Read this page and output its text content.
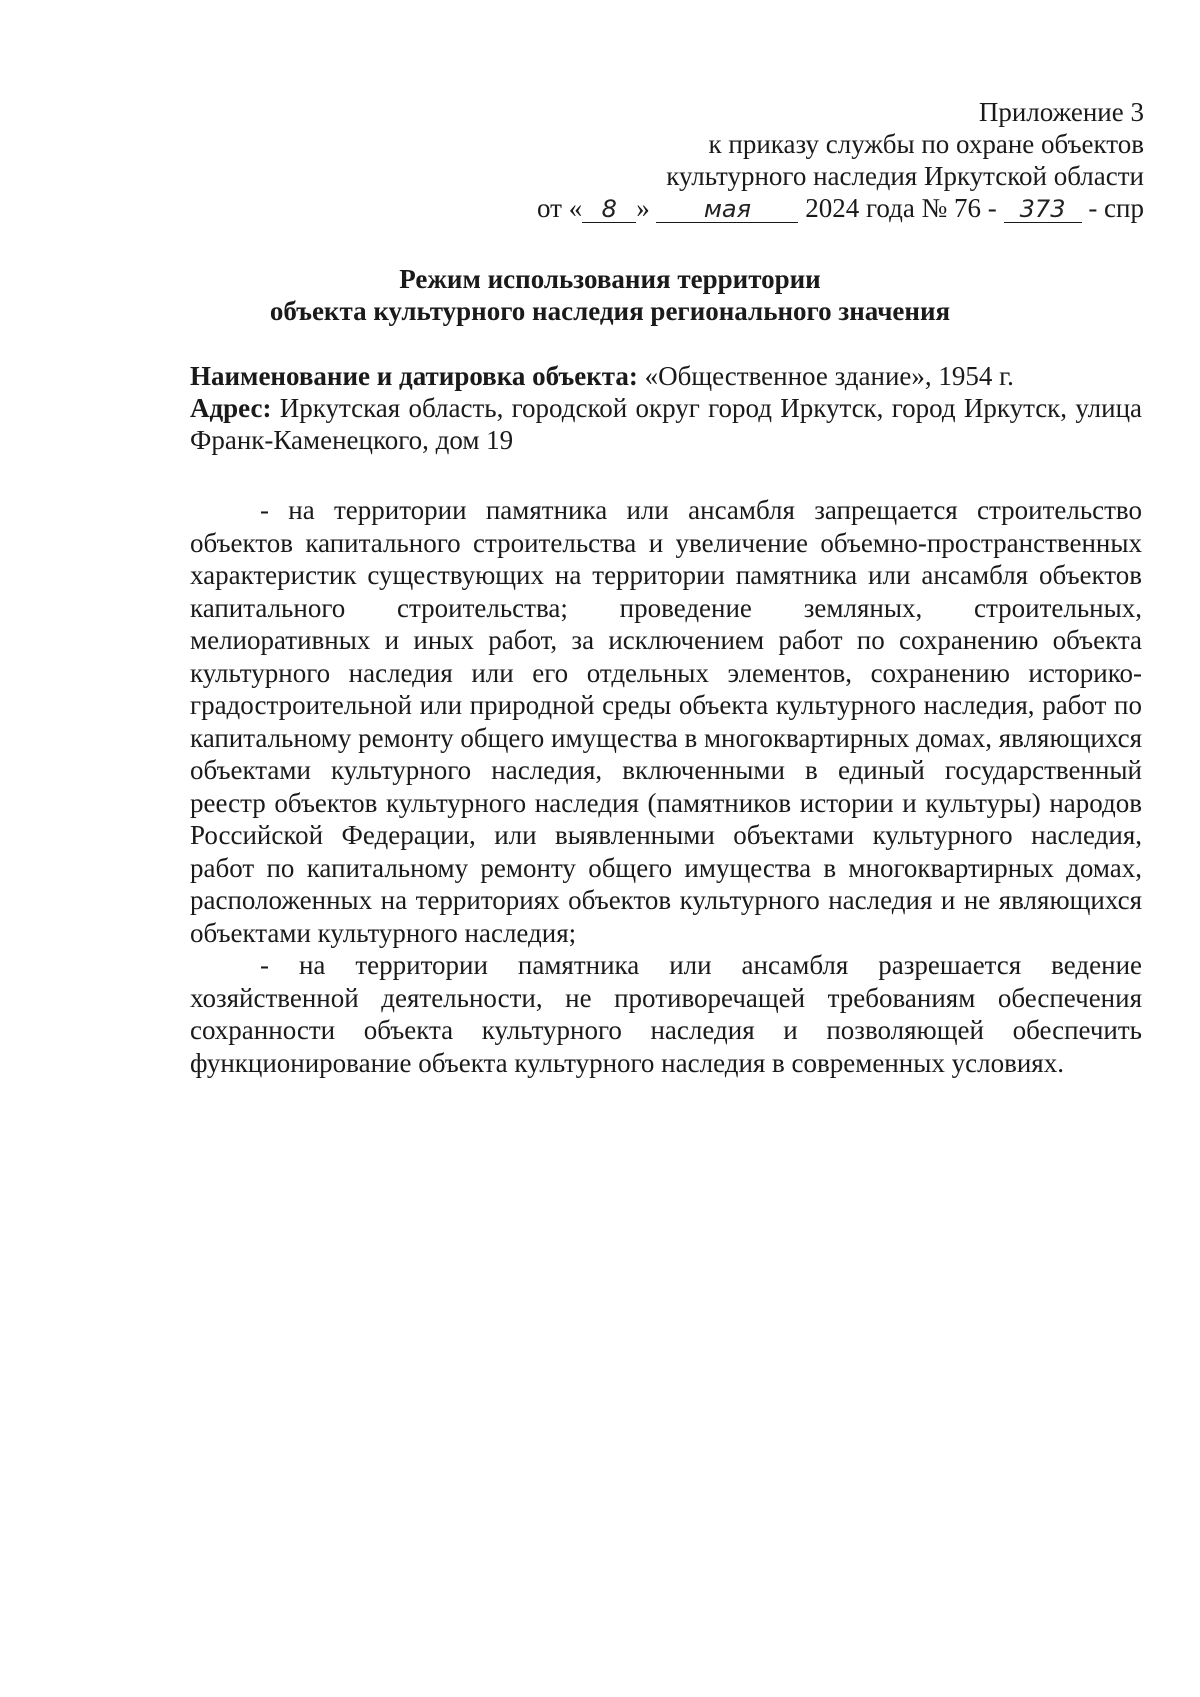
Приложение 3
к приказу службы по охране объектов
культурного наследия Иркутской области
от « 8 » мая 2024 года № 76 - 373 - спр
Режим использования территории
объекта культурного наследия регионального значения

Наименование и датировка объекта: «Общественное здание», 1954 г.

Адрес: Иркутская область, городской округ город Иркутск, город Иркутск, улица Франк-Каменецкого, дом 19

- на территории памятника или ансамбля запрещается строительство объектов капитального строительства и увеличение объемно-пространственных характеристик существующих на территории памятника или ансамбля объектов капитального строительства; проведение земляных, строительных, мелиоративных и иных работ, за исключением работ по сохранению объекта культурного наследия или его отдельных элементов, сохранению историко-градостроительной или природной среды объекта культурного наследия, работ по капитальному ремонту общего имущества в многоквартирных домах, являющихся объектами культурного наследия, включенными в единый государственный реестр объектов культурного наследия (памятников истории и культуры) народов Российской Федерации, или выявленными объектами культурного наследия, работ по капитальному ремонту общего имущества в многоквартирных домах, расположенных на территориях объектов культурного наследия и не являющихся объектами культурного наследия;

- на территории памятника или ансамбля разрешается ведение хозяйственной деятельности, не противоречащей требованиям обеспечения сохранности объекта культурного наследия и позволяющей обеспечить функционирование объекта культурного наследия в современных условиях.
